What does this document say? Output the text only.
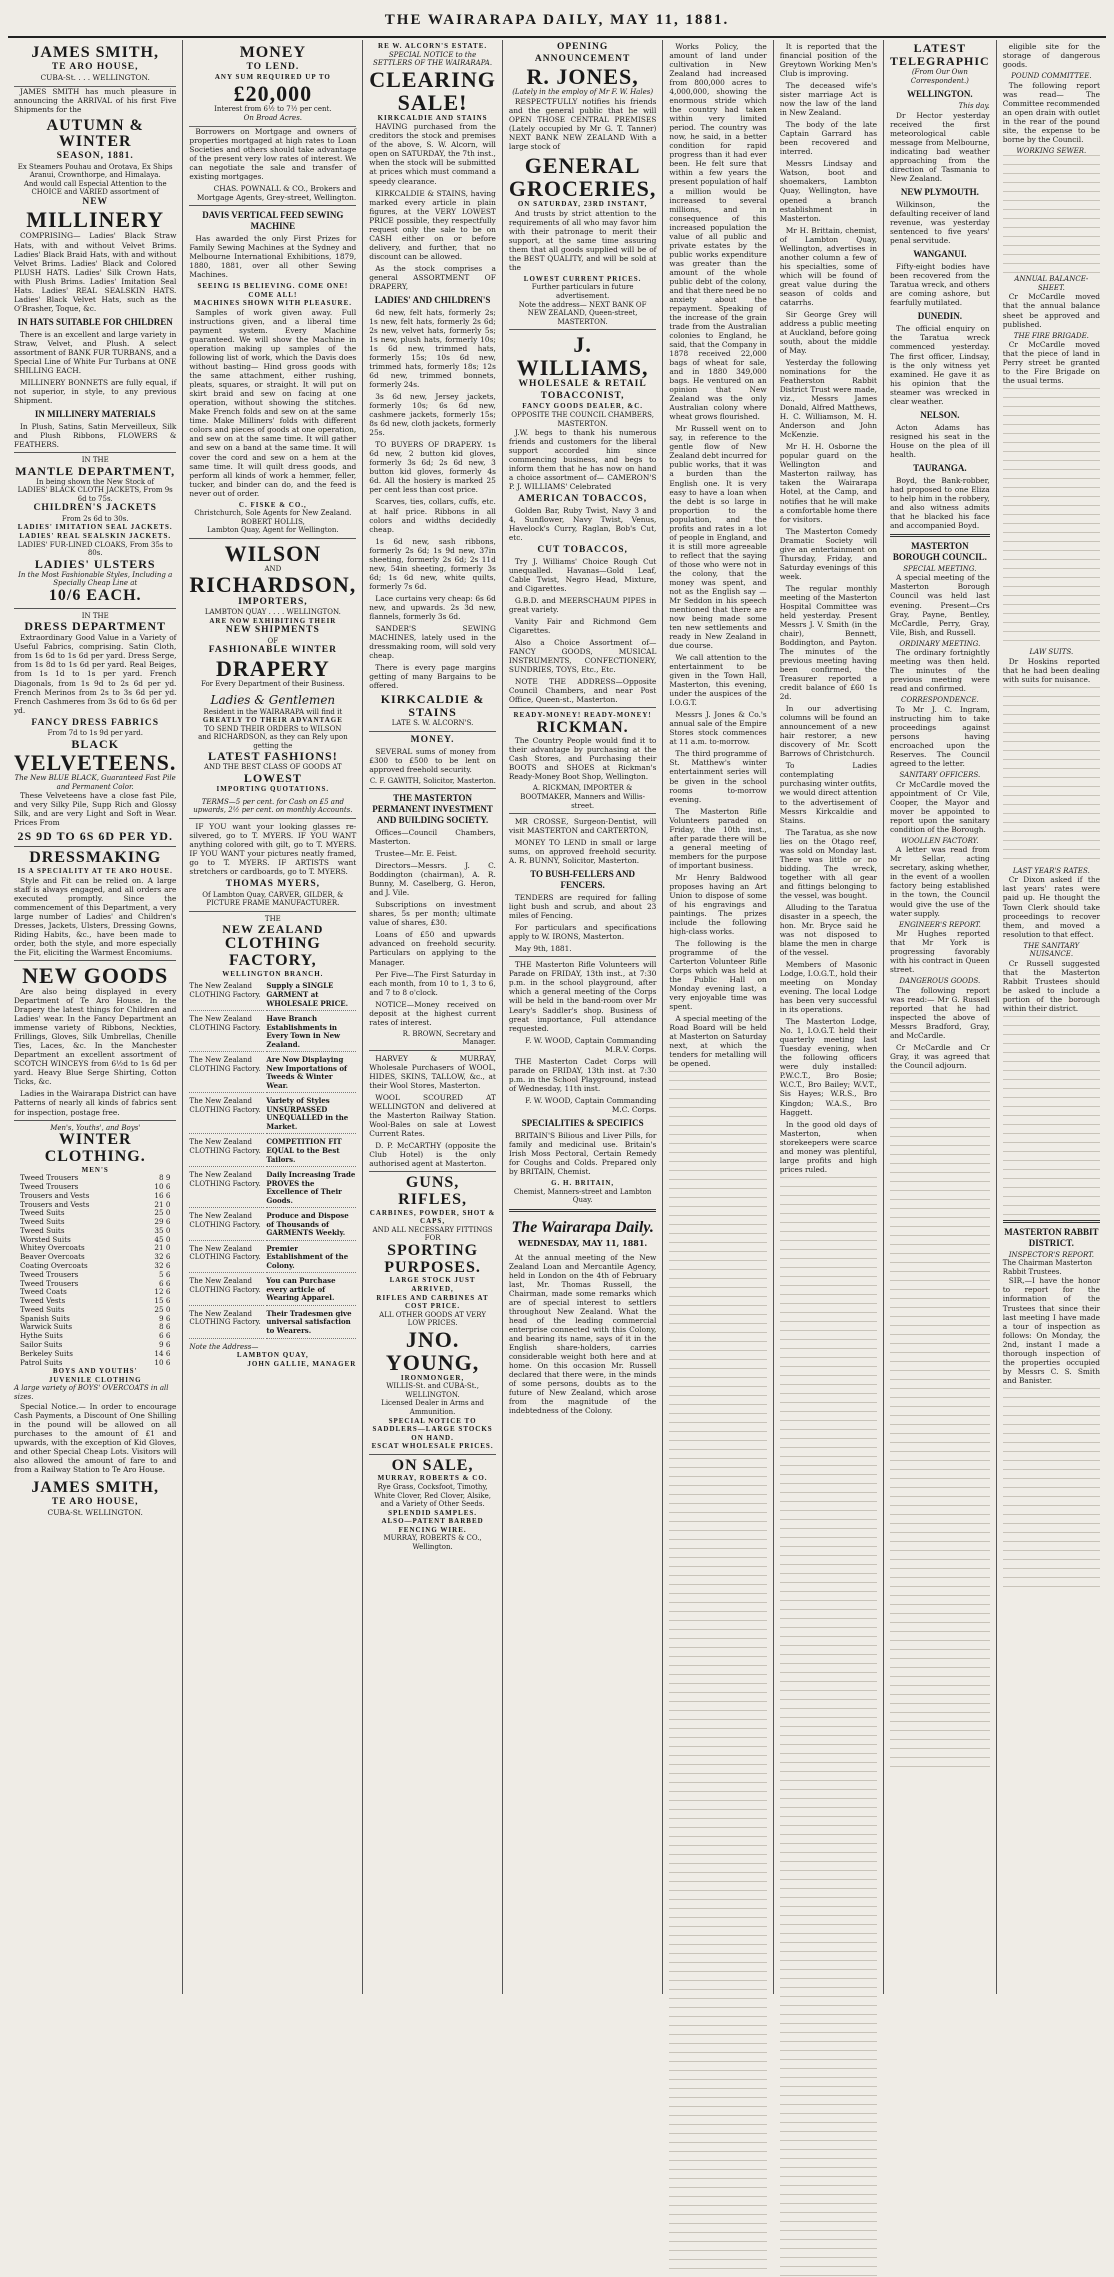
THE WAIRARAPA DAILY, MAY 11, 1881.
JAMES SMITH,
TE ARO HOUSE,
CUBA-St. . . . WELLINGTON.

JAMES SMITH has much pleasure in announcing the ARRIVAL of his first Five Shipments for the

AUTUMN & WINTER
SEASON, 1881.
Ex Steamers Pouhau and Orotava, Ex Ships Aranui, Crownthorpe, and Himalaya.
And would call Especial Attention to the CHOICE and VARIED assortment of
NEW
MILLINERY

COMPRISING— Ladies' Black Straw Hats, with and without Velvet Brims. Ladies' Black Braid Hats, with and without Velvet Brims. Ladies' Black and Colored PLUSH HATS. Ladies' Silk Crown Hats, with Plush Brims. Ladies' Imitation Seal Hats. Ladies' REAL SEALSKIN HATS. Ladies' Black Velvet Hats, such as the O'Brasher, Toque, &c.

IN HATS SUITABLE FOR CHILDREN

There is an excellent and large variety in Straw, Velvet, and Plush. A select assortment of BANK FUR TURBANS, and a Special Line of White Fur Turbans at ONE SHILLING EACH.

MILLINERY BONNETS are fully equal, if not superior, in style, to any previous Shipment.

IN MILLINERY MATERIALS

In Plush, Satins, Satin Merveilleux, Silk and Plush Ribbons, FLOWERS & FEATHERS.

IN THE
MANTLE DEPARTMENT,
In being shown the New Stock of
LADIES' BLACK CLOTH JACKETS, From 9s 6d to 75s.
CHILDREN'S JACKETS
From 2s 6d to 30s.
LADIES' IMITATION SEAL JACKETS.
LADIES' REAL SEALSKIN JACKETS.
LADIES' FUR-LINED CLOAKS, From 35s to 80s.
LADIES' ULSTERS
In the Most Fashionable Styles, Including a Specially Cheap Line at
10/6 EACH.
IN THE
DRESS DEPARTMENT

Extraordinary Good Value in a Variety of Useful Fabrics, comprising. Satin Cloth, from 1s 6d to 1s 6d per yard. Dress Serge, from 1s 8d to 1s 6d per yard. Real Beiges, from 1s 1d to 1s per yard. French Diagonals, from 1s 9d to 2s 6d per yd. French Merinos from 2s to 3s 6d per yd. French Cashmeres from 3s 6d to 6s 6d per yd.

FANCY DRESS FABRICS
From 7d to 1s 9d per yard.
BLACK
VELVETEENS.
The New BLUE BLACK, Guaranteed Fast Pile and Permanent Color.

These Velveteens have a close fast Pile, and very Silky Pile, Supp Rich and Glossy Silk, and are very Light and Soft in Wear. Prices From

2S 9D TO 6S 6D PER YD.
DRESSMAKING
IS A SPECIALITY AT TE ARO HOUSE.

Style and Fit can be relied on. A large staff is always engaged, and all orders are executed promptly. Since the commencement of this Department, a very large number of Ladies' and Children's Dresses, Jackets, Ulsters, Dressing Gowns, Riding Habits, &c., have been made to order, both the style, and more especially the Fit, eliciting the Warmest Encomiums.

NEW GOODS

Are also being displayed in every Department of Te Aro House. In the Drapery the latest things for Children and Ladies' wear. In the Fancy Department an immense variety of Ribbons, Neckties, Frillings, Gloves, Silk Umbrellas, Chenille Ties, Laces, &c. In the Manchester Department an excellent assortment of SCOTCH WINCEYS from 6½d to 1s 6d per yard. Heavy Blue Serge Shirting, Cotton Ticks, &c.

Ladies in the Wairarapa District can have Patterns of nearly all kinds of fabrics sent for inspection, postage free.

Men's, Youths', and Boys'
WINTER
CLOTHING.
MEN'S
Tweed Trousers	8 9
Tweed Trousers	10 6
Trousers and Vests	16 6
Trousers and Vests	21 0
Tweed Suits	25 0
Tweed Suits	29 6
Tweed Suits	35 0
Worsted Suits	45 0
Whitey Overcoats	21 0
Beaver Overcoats	32 6
Coating Overcoats	32 6
Tweed Trousers	5 6
Tweed Trousers	6 6
Tweed Coats	12 6
Tweed Vests	15 6
Tweed Suits	25 0
Spanish Suits	9 6
Warwick Suits	8 6
Hythe Suits	6 6
Sailor Suits	9 6
Berkeley Suits	14 6
Patrol Suits	10 6
BOYS AND YOUTHS'
JUVENILE CLOTHING
A large variety of BOYS' OVERCOATS in all sizes.

Special Notice.— In order to encourage Cash Payments, a Discount of One Shilling in the pound will be allowed on all purchases to the amount of £1 and upwards, with the exception of Kid Gloves, and other Special Cheap Lots. Visitors will also allowed the amount of fare to and from a Railway Station to Te Aro House.

JAMES SMITH,
TE ARO HOUSE,
CUBA-St. WELLINGTON.
MONEY
TO LEND.
ANY SUM REQUIRED UP TO
£20,000
Interest from 6½ to 7½ per cent.
On Broad Acres.

Borrowers on Mortgage and owners of properties mortgaged at high rates to Loan Societies and others should take advantage of the present very low rates of interest. We can negotiate the sale and transfer of existing mortgages.

CHAS. POWNALL & CO., Brokers and Mortgage Agents, Grey-street, Wellington.

DAVIS VERTICAL FEED SEWING MACHINE

Has awarded the only First Prizes for Family Sewing Machines at the Sydney and Melbourne International Exhibitions, 1879, 1880, 1881, over all other Sewing Machines.

SEEING IS BELIEVING. COME ONE! COME ALL!
MACHINES SHOWN WITH PLEASURE.

Samples of work given away. Full instructions given, and a liberal time payment system. Every Machine guaranteed. We will show the Machine in operation making up samples of the following list of work, which the Davis does without basting— Hind gross goods with the same attachment, either rushing, pleats, squares, or straight. It will put on skirt braid and sew on facing at one operation, without showing the stitches. Make French folds and sew on at the same time. Make Milliners' folds with different colors and pieces of goods at one operation, and sew on at the same time. It will gather and sew on a band at the same time. It will cover the cord and sew on a hem at the same time. It will quilt dress goods, and perform all kinds of work a hemmer, feller, tucker, and binder can do, and the feed is never out of order.

C. FISKE & CO.,
Christchurch, Sole Agents for New Zealand. ROBERT HOLLIS,
Lambton Quay, Agent for Wellington.
WILSON
AND
RICHARDSON,
IMPORTERS,
LAMBTON QUAY . . . . WELLINGTON.
ARE NOW EXHIBITING THEIR
NEW SHIPMENTS
OF
FASHIONABLE WINTER
DRAPERY
For Every Department of their Business.
Ladies & Gentlemen
Resident in the WAIRARAPA will find it
GREATLY TO THEIR ADVANTAGE
TO SEND THEIR ORDERS to WILSON
and RICHARDSON, as they can Rely upon getting the
LATEST FASHIONS!
AND THE BEST CLASS OF GOODS AT
LOWEST
IMPORTING QUOTATIONS.
TERMS—5 per cent. for Cash on £5 and upwards, 2½ per cent. on monthly Accounts.

IF YOU want your looking glasses re-silvered, go to T. MYERS. IF YOU WANT anything colored with gilt, go to T. MYERS. IF YOU WANT your pictures neatly framed, go to T. MYERS. IF ARTISTS want stretchers or cardboards, go to T. MYERS.

THOMAS MYERS,
Of Lambton Quay, CARVER, GILDER, & PICTURE FRAME MANUFACTURER.
THE
NEW ZEALAND
CLOTHING FACTORY,
WELLINGTON BRANCH.
The New Zealand CLOTHING Factory.
Supply a SINGLE GARMENT at WHOLESALE PRICE.
The New Zealand CLOTHING Factory.
Have Branch Establishments in Every Town in New Zealand.
The New Zealand CLOTHING Factory.
Are Now Displaying New Importations of Tweeds & Winter Wear.
The New Zealand CLOTHING Factory.
Variety of Styles UNSURPASSED UNEQUALLED in the Market.
The New Zealand CLOTHING Factory.
COMPETITION FIT EQUAL to the Best Tailors.
The New Zealand CLOTHING Factory.
Daily Increasing Trade PROVES the Excellence of Their Goods.
The New Zealand CLOTHING Factory.
Produce and Dispose of Thousands of GARMENTS Weekly.
The New Zealand CLOTHING Factory.
Premier Establishment of the Colony.
The New Zealand CLOTHING Factory.
You can Purchase every article of Wearing Apparel.
The New Zealand CLOTHING Factory.
Their Tradesmen give universal satisfaction to Wearers.
Note the Address—
LAMBTON QUAY,
JOHN GALLIE, MANAGER
RE W. ALCORN'S ESTATE.
SPECIAL NOTICE to the SETTLERS OF THE WAIRARAPA.
CLEARING SALE!
KIRKCALDIE AND STAINS

HAVING purchased from the creditors the stock and premises of the above, S. W. Alcorn, will open on SATURDAY, the 7th inst., when the stock will be submitted at prices which must command a speedy clearance.

KIRKCALDIE & STAINS, having marked every article in plain figures, at the VERY LOWEST PRICE possible, they respectfully request only the sale to be on CASH either on or before delivery, and further, that no discount can be allowed.

As the stock comprises a general ASSORTMENT OF DRAPERY,

LADIES' AND CHILDREN'S

6d new, felt hats, formerly 2s; 1s new, felt hats, formerly 2s 6d; 2s new, velvet hats, formerly 5s; 1s new, plush hats, formerly 10s; 1s 6d new, trimmed hats, formerly 15s; 10s 6d new, trimmed hats, formerly 18s; 12s 6d new, trimmed bonnets, formerly 24s.

3s 6d new, Jersey jackets, formerly 10s; 6s 6d new, cashmere jackets, formerly 15s; 8s 6d new, cloth jackets, formerly 25s.

TO BUYERS OF DRAPERY. 1s 6d new, 2 button kid gloves, formerly 3s 6d; 2s 6d new, 3 button kid gloves, formerly 4s 6d. All the hosiery is marked 25 per cent less than cost price.

Scarves, ties, collars, cuffs, etc. at half price. Ribbons in all colors and widths decidedly cheap.

1s 6d new, sash ribbons, formerly 2s 6d; 1s 9d new, 37in sheeting, formerly 2s 6d; 2s 11d new, 54in sheeting, formerly 3s 6d; 1s 6d new, white quilts, formerly 7s 6d.

Lace curtains very cheap: 6s 6d new, and upwards. 2s 3d new, flannels, formerly 3s 6d.

SANDER'S SEWING MACHINES, lately used in the dressmaking room, will sold very cheap.

There is every page margins getting of many Bargains to be offered.

KIRKCALDIE & STAINS
LATE S. W. ALCORN'S.
MONEY.

SEVERAL sums of money from £300 to £500 to be lent on approved freehold security.

C. F. GAWITH, Solicitor, Masterton.
THE MASTERTON PERMANENT INVESTMENT AND BUILDING SOCIETY.

Offices—Council Chambers, Masterton.

Trustee—Mr. E. Feist.

Directors—Messrs. J. C. Boddington (chairman), A. R. Bunny, M. Caselberg, G. Heron, and J. Vile.

Subscriptions on investment shares, 5s per month; ultimate value of shares, £30.

Loans of £50 and upwards advanced on freehold security. Particulars on applying to the Manager.

Per Five—The First Saturday in each month, from 10 to 1, 3 to 6, and 7 to 8 o'clock.

NOTICE—Money received on deposit at the highest current rates of interest.

R. BROWN, Secretary and Manager.

HARVEY & MURRAY, Wholesale Purchasers of WOOL, HIDES, SKINS, TALLOW, &c., at their Wool Stores, Masterton.

WOOL SCOURED AT WELLINGTON and delivered at the Masterton Railway Station. Wool-Bales on sale at Lowest Current Rates.

D. P. McCARTHY (opposite the Club Hotel) is the only authorised agent at Masterton.

GUNS, RIFLES,
CARBINES, POWDER, SHOT & CAPS,
AND ALL NECESSARY FITTINGS FOR
SPORTING PURPOSES.
LARGE STOCK JUST ARRIVED,
RIFLES AND CARBINES AT COST PRICE.
ALL OTHER GOODS AT VERY LOW PRICES.
JNO. YOUNG,
IRONMONGER,
WILLIS-St. and CUBA-St., WELLINGTON.
Licensed Dealer in Arms and Ammunition.
SPECIAL NOTICE TO SADDLERS—LARGE STOCKS ON HAND.
ESCAT WHOLESALE PRICES.
ON SALE,
MURRAY, ROBERTS & CO.
Rye Grass, Cocksfoot, Timothy, White Clover, Red Clover, Alsike, and a Variety of Other Seeds.
SPLENDID SAMPLES.
ALSO—PATENT BARBED FENCING WIRE.
MURRAY, ROBERTS & CO., Wellington.
OPENING ANNOUNCEMENT
R. JONES,
(Lately in the employ of Mr F. W. Hales)

RESPECTFULLY notifies his friends and the general public that he will OPEN THOSE CENTRAL PREMISES (Lately occupied by Mr G. T. Tanner) NEXT BANK NEW ZEALAND With a large stock of

GENERAL GROCERIES,
ON SATURDAY, 23RD INSTANT,

And trusts by strict attention to the requirements of all who may favor him with their patronage to merit their support, at the same time assuring them that all goods supplied will be of the BEST QUALITY, and will be sold at the

LOWEST CURRENT PRICES.
Further particulars in future advertisement.
Note the address— NEXT BANK OF NEW ZEALAND, Queen-street, MASTERTON.
J. WILLIAMS,
WHOLESALE & RETAIL TOBACCONIST,
FANCY GOODS DEALER, &C.
OPPOSITE THE COUNCIL CHAMBERS, MASTERTON.

J.W. begs to thank his numerous friends and customers for the liberal support accorded him since commencing business, and begs to inform them that he has now on hand a choice assortment of— CAMERON'S P. J. WILLIAMS' Celebrated

AMERICAN TOBACCOS,

Golden Bar, Ruby Twist, Navy 3 and 4, Sunflower, Navy Twist, Venus, Havelock's Curry, Raglan, Bob's Cut, etc.

CUT TOBACCOS,

Try J. Williams' Choice Rough Cut unequalled. Havanas—Gold Leaf, Cable Twist, Negro Head, Mixture, and Cigarettes.

G.B.D. and MEERSCHAUM PIPES in great variety.

Vanity Fair and Richmond Gem Cigarettes.

Also a Choice Assortment of— FANCY GOODS, MUSICAL INSTRUMENTS, CONFECTIONERY, SUNDRIES, TOYS, Etc., Etc.

NOTE THE ADDRESS—Opposite Council Chambers, and near Post Office, Queen-st., Masterton.

READY-MONEY! READY-MONEY!
RICKMAN.

The Country People would find it to their advantage by purchasing at the Cash Stores, and Purchasing their BOOTS and SHOES at Rickman's Ready-Money Boot Shop, Wellington.

A. RICKMAN, IMPORTER & BOOTMAKER, Manners and Willis-street.

MR CROSSE, Surgeon-Dentist, will visit MASTERTON and CARTERTON,

MONEY TO LEND in small or large sums, on approved freehold security. A. R. BUNNY, Solicitor, Masterton.

TO BUSH-FELLERS AND FENCERS.

TENDERS are required for falling light bush and scrub, and about 23 miles of Fencing.

For particulars and specifications apply to W. IRONS, Masterton.

May 9th, 1881.

THE Masterton Rifle Volunteers will Parade on FRIDAY, 13th inst., at 7:30 p.m. in the school playground, after which a general meeting of the Corps will be held in the band-room over Mr Leary's Saddler's shop. Business of great importance, Full attendance requested.

F. W. WOOD, Captain Commanding M.R.V. Corps.

THE Masterton Cadet Corps will parade on FRIDAY, 13th inst. at 7:30 p.m. in the School Playground, instead of Wednesday, 11th inst.

F. W. WOOD, Captain Commanding M.C. Corps.

SPECIALITIES & SPECIFICS

BRITAIN'S Bilious and Liver Pills, for family and medicinal use. Britain's Irish Moss Pectoral, Certain Remedy for Coughs and Colds. Prepared only by BRITAIN, Chemist.

G. H. BRITAIN,
Chemist, Manners-street and Lambton Quay.
The Wairarapa Daily.
WEDNESDAY, MAY 11, 1881.

At the annual meeting of the New Zealand Loan and Mercantile Agency, held in London on the 4th of February last, Mr. Thomas Russell, the Chairman, made some remarks which are of special interest to settlers throughout New Zealand. What the head of the leading commercial enterprise connected with this Colony, and bearing its name, says of it in the English share-holders, carries considerable weight both here and at home. On this occasion Mr. Russell declared that there were, in the minds of some persons, doubts as to the future of New Zealand, which arose from the magnitude of the indebtedness of the Colony.

Works Policy, the amount of land under cultivation in New Zealand had increased from 800,000 acres to 4,000,000, showing the enormous stride which the country had taken within very limited period. The country was now, he said, in a better condition for rapid progress than it had ever been. He felt sure that within a few years the present population of half a million would be increased to several millions, and in consequence of this increased population the value of all public and private estates by the public works expenditure was greater than the amount of the whole public debt of the colony, and that there need be no anxiety about the repayment. Speaking of the increase of the grain trade from the Australian colonies to England, he said, that the Company in 1878 received 22,000 bags of wheat for sale, and in 1880 349,000 bags. He ventured on an opinion that New Zealand was the only Australian colony where wheat grows flourished.

Mr Russell went on to say, in reference to the gentle flow of New Zealand debt incurred for public works, that it was a burden than the English one. It is very easy to have a loan when the debt is so large in proportion to the population, and the profits and rates in a lot of people in England, and it is still more agreeable to reflect that the saying of those who were not in the colony, that the money was spent, and not as the English say — Mr Seddon in his speech mentioned that there are now being made some ten new settlements and ready in New Zealand in due course.

We call attention to the entertainment to be given in the Town Hall, Masterton, this evening, under the auspices of the I.O.G.T.

Messrs J. Jones & Co.'s annual sale of the Empire Stores stock commences at 11 a.m. to-morrow.

The third programme of St. Matthew's winter entertainment series will be given in the school rooms to-morrow evening.

The Masterton Rifle Volunteers paraded on Friday, the 10th inst., after parade there will be a general meeting of members for the purpose of important business.

Mr Henry Baldwood proposes having an Art Union to dispose of some of his engravings and paintings. The prizes include the following high-class works.

The following is the programme of the Carterton Volunteer Rifle Corps which was held at the Public Hall on Monday evening last, a very enjoyable time was spent.

A special meeting of the Road Board will be held at Masterton on Saturday next, at which the tenders for metalling will be opened.

It is reported that the financial position of the Greytown Working Men's Club is improving.

The deceased wife's sister marriage Act is now the law of the land in New Zealand.

The body of the late Captain Garrard has been recovered and interred.

Messrs Lindsay and Watson, boot and shoemakers, Lambton Quay, Wellington, have opened a branch establishment in Masterton.

Mr H. Brittain, chemist, of Lambton Quay, Wellington, advertises in another column a few of his specialties, some of which will be found of great value during the season of colds and catarrhs.

Sir George Grey will address a public meeting at Auckland, before going south, about the middle of May.

Yesterday the following nominations for the Featherston Rabbit District Trust were made, viz., Messrs James Donald, Alfred Matthews, H. C. Williamson, M. H. Anderson and John McKenzie.

Mr H. H. Osborne the popular guard on the Wellington and Masterton railway, has taken the Wairarapa Hotel, at the Camp, and notifies that he will make a comfortable home there for visitors.

The Masterton Comedy Dramatic Society will give an entertainment on Thursday, Friday, and Saturday evenings of this week.

The regular monthly meeting of the Masterton Hospital Committee was held yesterday. Present Messrs J. V. Smith (in the chair), Bennett, Boddington, and Payton. The minutes of the previous meeting having been confirmed, the Treasurer reported a credit balance of £60 1s 2d.

In our advertising columns will be found an announcement of a new hair restorer, a new discovery of Mr. Scott Barrows of Christchurch.

To Ladies contemplating purchasing winter outfits, we would direct attention to the advertisement of Messrs Kirkcaldie and Stains.

The Taratua, as she now lies on the Otago reef, was sold on Monday last. There was little or no bidding. The wreck, together with all gear and fittings belonging to the vessel, was bought.

Alluding to the Taratua disaster in a speech, the hon. Mr. Bryce said he was not disposed to blame the men in charge of the vessel.

Members of Masonic Lodge, I.O.G.T., hold their meeting on Monday evening. The local Lodge has been very successful in its operations.

The Masterton Lodge, No. 1, I.O.G.T. held their quarterly meeting last Tuesday evening, when the following officers were duly installed: P.W.C.T., Bro Bosie; W.C.T., Bro Bailey; W.V.T., Sis Hayes; W.R.S., Bro Kingdon; W.A.S., Bro Haggett.

In the good old days of Masterton, when storekeepers were scarce and money was plentiful, large profits and high prices ruled.

LATEST TELEGRAPHIC
(From Our Own Correspondent.)
WELLINGTON.
This day.

Dr Hector yesterday received the first meteorological cable message from Melbourne, indicating bad weather approaching from the direction of Tasmania to New Zealand.

NEW PLYMOUTH.

Wilkinson, the defaulting receiver of land revenue, was yesterday sentenced to five years' penal servitude.

WANGANUI.

Fifty-eight bodies have been recovered from the Taratua wreck, and others are coming ashore, but fearfully mutilated.

DUNEDIN.

The official enquiry on the Taratua wreck commenced yesterday. The first officer, Lindsay, is the only witness yet examined. He gave it as his opinion that the steamer was wrecked in clear weather.

NELSON.

Acton Adams has resigned his seat in the House on the plea of ill health.

TAURANGA.

Boyd, the Bank-robber, had proposed to one Eliza to help him in the robbery, and also witness admits that he blacked his face and accompanied Boyd.

MASTERTON BOROUGH COUNCIL.
SPECIAL MEETING.

A special meeting of the Masterton Borough Council was held last evening. Present—Crs Gray, Payne, Bentley, McCardle, Perry, Gray, Vile, Bish, and Russell.

ORDINARY MEETING.

The ordinary fortnightly meeting was then held. The minutes of the previous meeting were read and confirmed.

CORRESPONDENCE.

To Mr J. C. Ingram, instructing him to take proceedings against persons having encroached upon the Reserves. The Council agreed to the letter.

SANITARY OFFICERS.

Cr McCardle moved the appointment of Cr Vile, Cooper, the Mayor and mover be appointed to report upon the sanitary condition of the Borough.

WOOLLEN FACTORY.

A letter was read from Mr Sellar, acting secretary, asking whether, in the event of a woollen factory being established in the town, the Council would give the use of the water supply.

ENGINEER'S REPORT.

Mr Hughes reported that Mr York is progressing favorably with his contract in Queen street.

DANGEROUS GOODS.

The following report was read:— Mr G. Russell reported that he had inspected the above of Messrs Bradford, Gray, and McCardle.

Cr McCardle and Cr Gray, it was agreed that the Council adjourn.

eligible site for the storage of dangerous goods.

POUND COMMITTEE.

The following report was read— The Committee recommended an open drain with outlet in the rear of the pound site, the expense to be borne by the Council.

WORKING SEWER.
ANNUAL BALANCE-SHEET.

Cr McCardle moved that the annual balance sheet be approved and published.

THE FIRE BRIGADE.

Cr McCardle moved that the piece of land in Perry street be granted to the Fire Brigade on the usual terms.

LAW SUITS.

Dr Hoskins reported that he had been dealing with suits for nuisance.

LAST YEAR'S RATES.

Cr Dixon asked if the last years' rates were paid up. He thought the Town Clerk should take proceedings to recover them, and moved a resolution to that effect.

THE SANITARY NUISANCE.

Cr Russell suggested that the Masterton Rabbit Trustees should be asked to include a portion of the borough within their district.

MASTERTON RABBIT DISTRICT.
INSPECTOR'S REPORT.
The Chairman Masterton Rabbit Trustees.

SIR,—I have the honor to report for the information of the Trustees that since their last meeting I have made a tour of inspection as follows: On Monday, the 2nd, instant I made a thorough inspection of the properties occupied by Messrs C. S. Smith and Banister.
